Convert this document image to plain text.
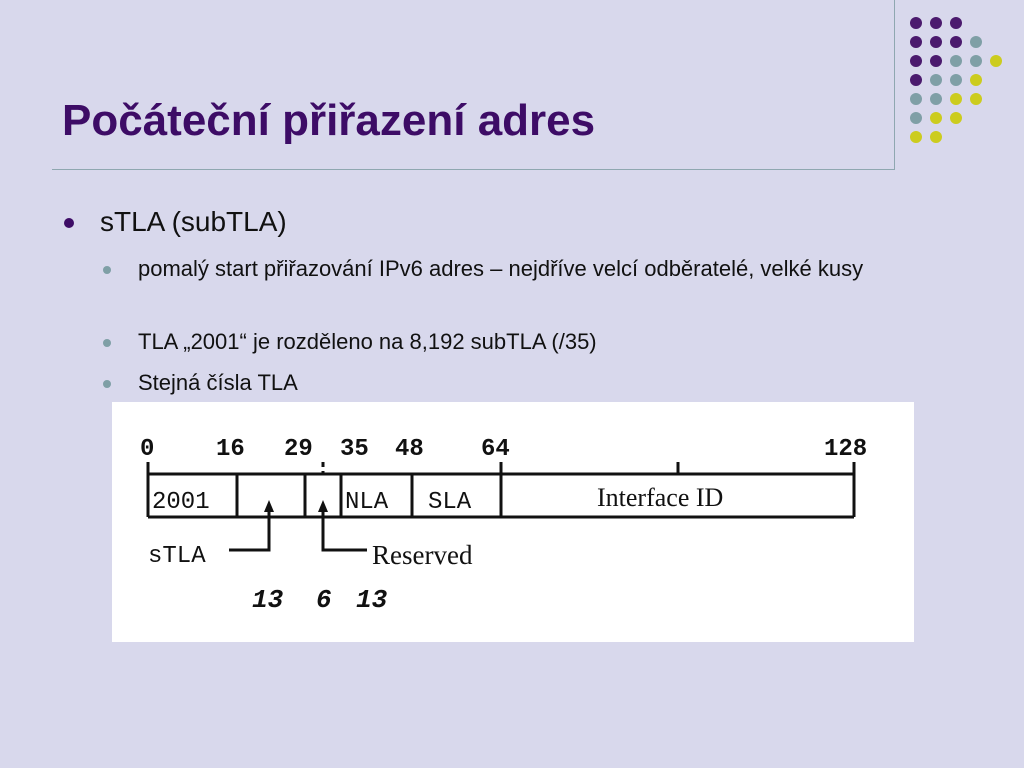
Počáteční přiřazení adres
sTLA (subTLA)
pomalý start přiřazování IPv6 adres – nejdříve velcí odběratelé, velké kusy
TLA „2001“ je rozděleno na 8,192 subTLA (/35)
Stejná čísla TLA
0	16 29 35 48 64	128
2001	NLA SLA	Interface ID
sTLA	Reserved
13 6 13
